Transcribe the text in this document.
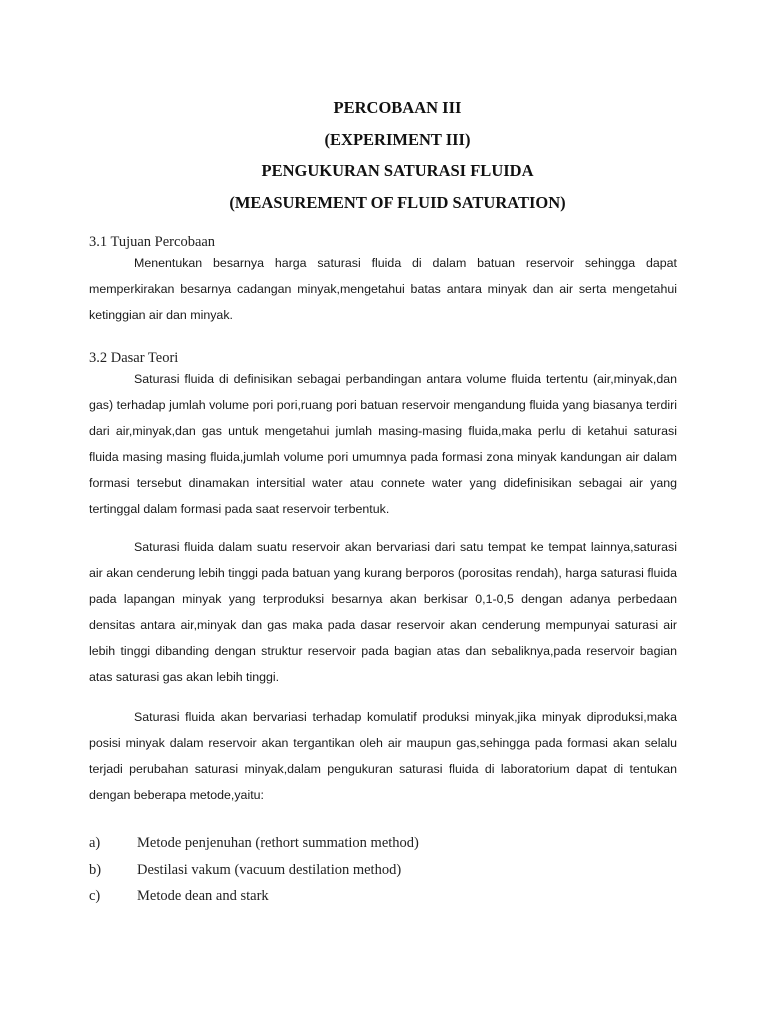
PERCOBAAN III
(EXPERIMENT III)
PENGUKURAN SATURASI FLUIDA
(MEASUREMENT OF FLUID SATURATION)
3.1 Tujuan Percobaan

Menentukan besarnya harga saturasi fluida di dalam batuan reservoir sehingga dapat memperkirakan besarnya cadangan minyak,mengetahui batas antara minyak dan air serta mengetahui ketinggian air dan minyak.

3.2 Dasar Teori

Saturasi fluida di definisikan sebagai perbandingan antara volume fluida tertentu (air,minyak,dan gas) terhadap jumlah volume pori pori,ruang pori batuan reservoir mengandung fluida yang biasanya terdiri dari air,minyak,dan gas untuk mengetahui jumlah masing-masing fluida,maka perlu di ketahui saturasi fluida masing masing fluida,jumlah volume pori umumnya pada formasi zona minyak kandungan air dalam formasi tersebut dinamakan intersitial water atau connete water yang didefinisikan sebagai air yang tertinggal dalam formasi pada saat reservoir terbentuk.

Saturasi fluida dalam suatu reservoir akan bervariasi dari satu tempat ke tempat lainnya,saturasi air akan cenderung lebih tinggi pada batuan yang kurang berporos (porositas rendah), harga saturasi fluida pada lapangan minyak yang terproduksi besarnya akan berkisar 0,1-0,5 dengan adanya perbedaan densitas antara air,minyak dan gas maka pada dasar reservoir akan cenderung mempunyai saturasi air lebih tinggi dibanding dengan struktur reservoir pada bagian atas dan sebaliknya,pada reservoir bagian atas saturasi gas akan lebih tinggi.

Saturasi fluida akan bervariasi terhadap komulatif produksi minyak,jika minyak diproduksi,maka posisi minyak dalam reservoir akan tergantikan oleh air maupun gas,sehingga pada formasi akan selalu terjadi perubahan saturasi minyak,dalam pengukuran saturasi fluida di laboratorium dapat di tentukan dengan beberapa metode,yaitu:

a)	Metode penjenuhan (rethort summation method)
b)	Destilasi vakum (vacuum destilation method)
c)	Metode dean and stark
